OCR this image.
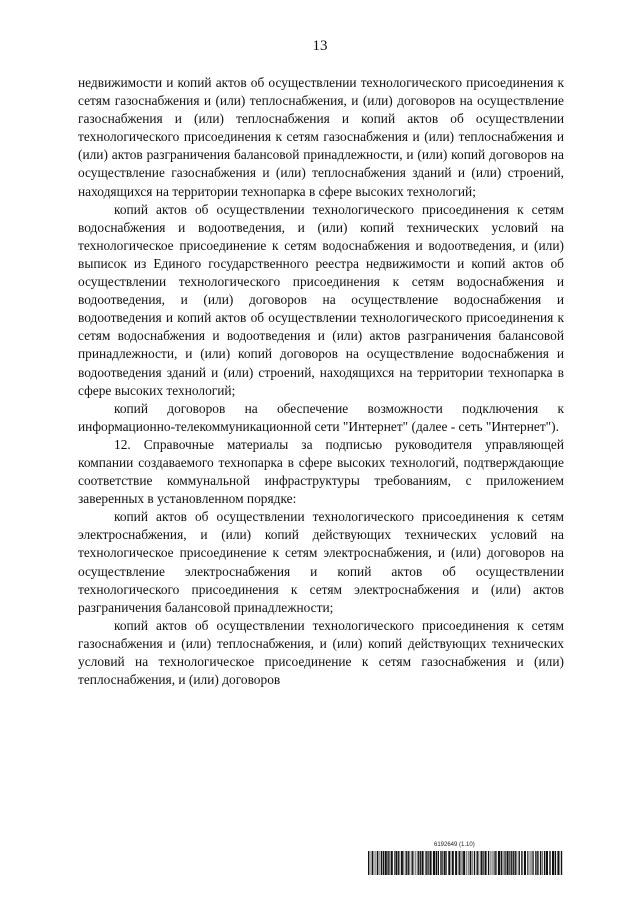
13

недвижимости и копий актов об осуществлении технологического присоединения к сетям газоснабжения и (или) теплоснабжения, и (или) договоров на осуществление газоснабжения и (или) теплоснабжения и копий актов об осуществлении технологического присоединения к сетям газоснабжения и (или) теплоснабжения и (или) актов разграничения балансовой принадлежности, и (или) копий договоров на осуществление газоснабжения и (или) теплоснабжения зданий и (или) строений, находящихся на территории технопарка в сфере высоких технологий;

копий актов об осуществлении технологического присоединения к сетям водоснабжения и водоотведения, и (или) копий технических условий на технологическое присоединение к сетям водоснабжения и водоотведения, и (или) выписок из Единого государственного реестра недвижимости и копий актов об осуществлении технологического присоединения к сетям водоснабжения и водоотведения, и (или) договоров на осуществление водоснабжения и водоотведения и копий актов об осуществлении технологического присоединения к сетям водоснабжения и водоотведения и (или) актов разграничения балансовой принадлежности, и (или) копий договоров на осуществление водоснабжения и водоотведения зданий и (или) строений, находящихся на территории технопарка в сфере высоких технологий;

копий договоров на обеспечение возможности подключения к информационно-телекоммуникационной сети "Интернет" (далее - сеть "Интернет").

12. Справочные материалы за подписью руководителя управляющей компании создаваемого технопарка в сфере высоких технологий, подтверждающие соответствие коммунальной инфраструктуры требованиям, с приложением заверенных в установленном порядке:

копий актов об осуществлении технологического присоединения к сетям электроснабжения, и (или) копий действующих технических условий на технологическое присоединение к сетям электроснабжения, и (или) договоров на осуществление электроснабжения и копий актов об осуществлении технологического присоединения к сетям электроснабжения и (или) актов разграничения балансовой принадлежности;

копий актов об осуществлении технологического присоединения к сетям газоснабжения и (или) теплоснабжения, и (или) копий действующих технических условий на технологическое присоединение к сетям газоснабжения и (или) теплоснабжения, и (или) договоров

6192649 (1.10)
